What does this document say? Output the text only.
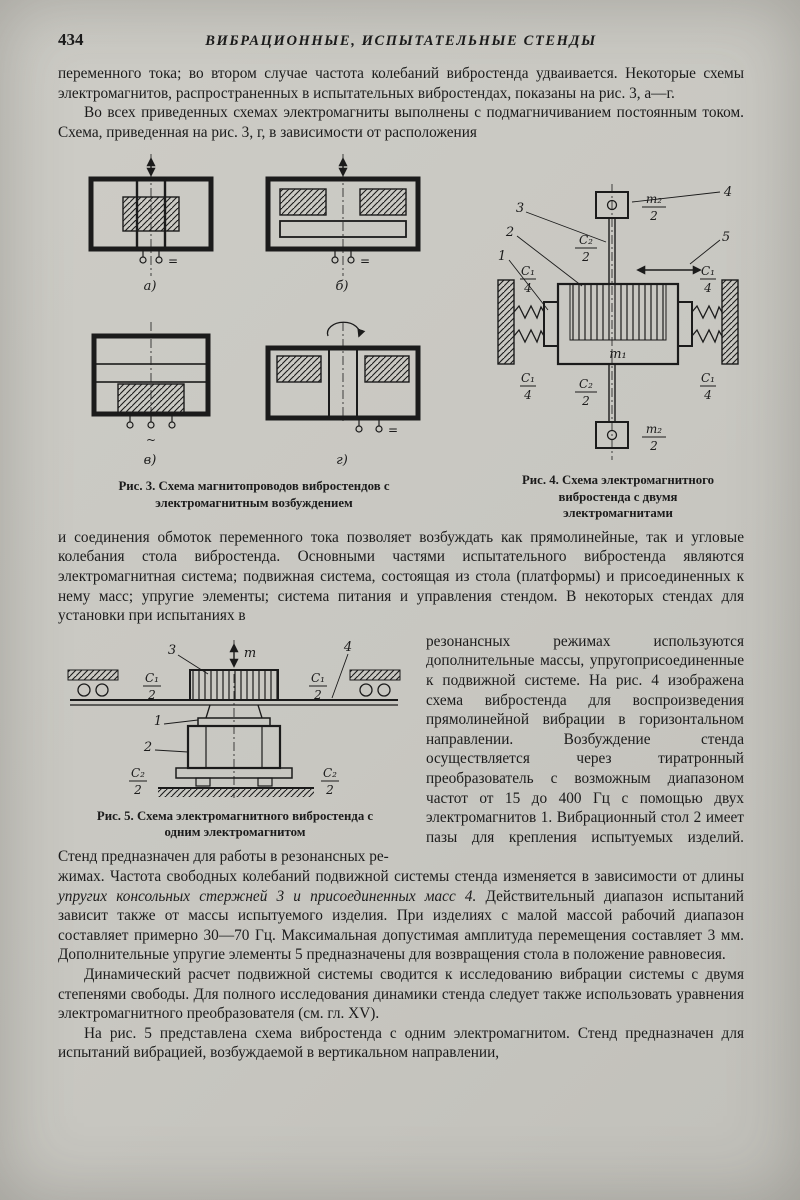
434	ВИБРАЦИОННЫЕ, ИСПЫТАТЕЛЬНЫЕ СТЕНДЫ

переменного тока; во втором случае частота колебаний вибростенда удваивается. Некоторые схемы электромагнитов, распространенных в испытательных вибростендах, показаны на рис. 3, а—г.

Во всех приведенных схемах электромагниты выполнены с подмагничиванием постоянным током. Схема, приведенная на рис. 3, г, в зависимости от расположения

=
а)
=
б)
~
в)
=
г)
Рис. 3. Схема магнитопроводов вибростендов с электромагнитным возбуждением
4
3
2
1
5
m₂
2
C₂
2
m₁
C₁
4
C₁
4
C₁
4
C₁
4
C₂
2
m₂
2
Рис. 4. Схема электромагнитного вибростенда с двумя электромагнитами

и соединения обмоток переменного тока позволяет возбуждать как прямолинейные, так и угловые колебания стола вибростенда. Основными частями испытательного вибростенда являются электромагнитная система; подвижная система, состоящая из стола (платформы) и присоединенных к нему масс; упругие элементы; система питания и управления стендом. В некоторых стендах для установки при испытаниях в

m
3	4
C₁
2
C₁
2
1
2
C₂
2
C₂
2
Рис. 5. Схема электромагнитного вибростенда с одним электромагнитом

резонансных режимах используются дополнительные массы, упругоприсоединенные к подвижной системе. На рис. 4 изображена схема вибростенда для воспроизведения прямолинейной вибрации в горизонтальном направлении. Возбуждение стенда осуществляется через тиратронный преобразователь с возможным диапазоном частот от 15 до 400 Гц с помощью двух электромагнитов 1. Вибрационный стол 2 имеет пазы для крепления испытуемых изделий. Стенд предназначен для работы в резонансных ре-

жимах. Частота свободных колебаний подвижной системы стенда изменяется в зависимости от длины упругих консольных стержней 3 и присоединенных масс 4. Действительный диапазон испытаний зависит также от массы испытуемого изделия. При изделиях с малой массой рабочий диапазон составляет примерно 30—70 Гц. Максимальная допустимая амплитуда перемещения составляет 3 мм. Дополнительные упругие элементы 5 предназначены для возвращения стола в положение равновесия.

Динамический расчет подвижной системы сводится к исследованию вибрации системы с двумя степенями свободы. Для полного исследования динамики стенда следует также использовать уравнения электромагнитного преобразователя (см. гл. XV).

На рис. 5 представлена схема вибростенда с одним электромагнитом. Стенд предназначен для испытаний вибрацией, возбуждаемой в вертикальном направлении,
